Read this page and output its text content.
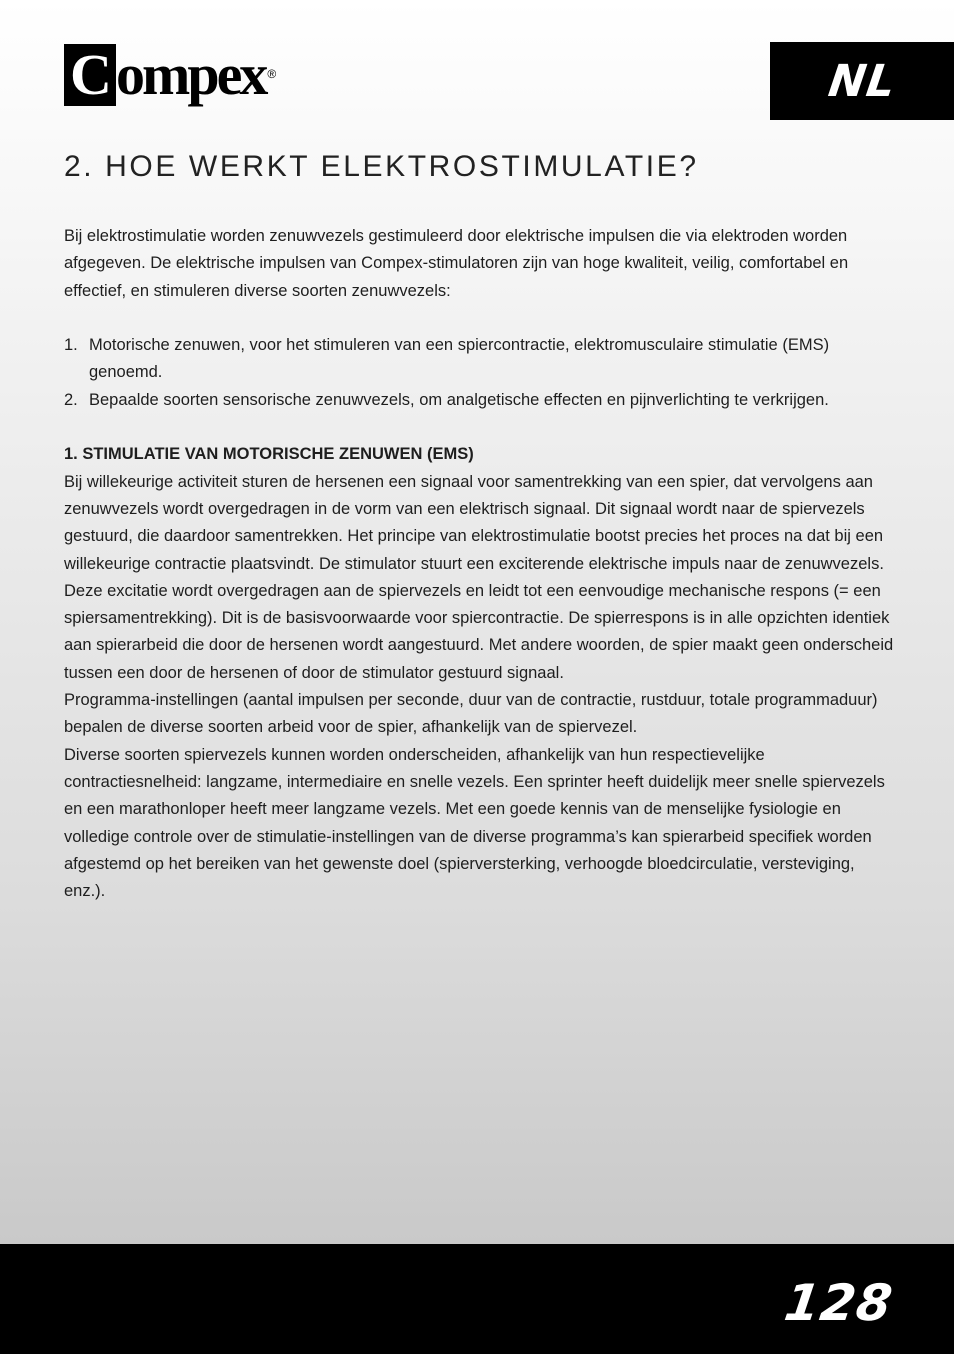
C ompex ®	NL
2. HOE WERKT ELEKTROSTIMULATIE?

Bij elektrostimulatie worden zenuwvezels gestimuleerd door elektrische impulsen die via elektroden worden afgegeven. De elektrische impulsen van Compex-stimulatoren zijn van hoge kwaliteit, veilig, comfortabel en effectief, en stimuleren diverse soorten zenuwvezels:

1. Motorische zenuwen, voor het stimuleren van een spiercontractie, elektromusculaire stimulatie (EMS) genoemd.
2. Bepaalde soorten sensorische zenuwvezels, om analgetische effecten en pijnverlichting te verkrijgen.

1. STIMULATIE VAN MOTORISCHE ZENUWEN (EMS)

Bij willekeurige activiteit sturen de hersenen een signaal voor samentrekking van een spier, dat vervolgens aan zenuwvezels wordt overgedragen in de vorm van een elektrisch signaal. Dit signaal wordt naar de spiervezels gestuurd, die daardoor samentrekken. Het principe van elektrostimulatie bootst precies het proces na dat bij een willekeurige contractie plaatsvindt. De stimulator stuurt een exciterende elektrische impuls naar de zenuwvezels. Deze excitatie wordt overgedragen aan de spiervezels en leidt tot een eenvoudige mechanische respons (= een spiersamentrekking). Dit is de basisvoorwaarde voor spiercontractie. De spierrespons is in alle opzichten identiek aan spierarbeid die door de hersenen wordt aangestuurd. Met andere woorden, de spier maakt geen onderscheid tussen een door de hersenen of door de stimulator gestuurd signaal.

Programma-instellingen (aantal impulsen per seconde, duur van de contractie, rustduur, totale programmaduur) bepalen de diverse soorten arbeid voor de spier, afhankelijk van de spiervezel.

Diverse soorten spiervezels kunnen worden onderscheiden, afhankelijk van hun respectievelijke contractiesnelheid: langzame, intermediaire en snelle vezels. Een sprinter heeft duidelijk meer snelle spiervezels en een marathonloper heeft meer langzame vezels. Met een goede kennis van de menselijke fysiologie en volledige controle over de stimulatie-instellingen van de diverse programma’s kan spierarbeid specifiek worden afgestemd op het bereiken van het gewenste doel (spierversterking, verhoogde bloedcirculatie, versteviging, enz.).

128
